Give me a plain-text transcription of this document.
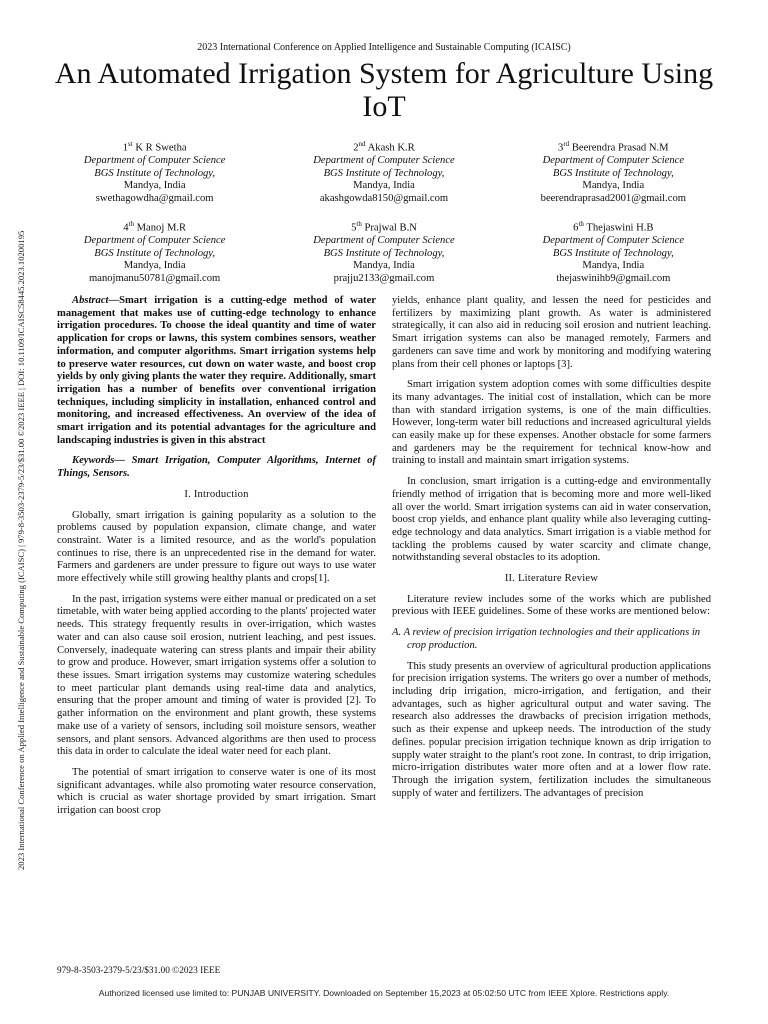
2023 International Conference on Applied Intelligence and Sustainable Computing (ICAISC) | 979-8-3503-2379-5/23/$31.00 ©2023 IEEE | DOI: 10.1109/ICAISC58445.2023.10200195
2023 International Conference on Applied Intelligence and Sustainable Computing (ICAISC)
An Automated Irrigation System for Agriculture Using IoT
1st K R Swetha
Department of Computer Science
BGS Institute of Technology,
Mandya, India
swethagowdha@gmail.com
2nd Akash K.R
Department of Computer Science
BGS Institute of Technology,
Mandya, India
akashgowda8150@gmail.com
3rd Beerendra Prasad N.M
Department of Computer Science
BGS Institute of Technology,
Mandya, India
beerendraprasad2001@gmail.com
4th Manoj M.R
Department of Computer Science
BGS Institute of Technology,
Mandya, India
manojmanu50781@gmail.com
5th Prajwal B.N
Department of Computer Science
BGS Institute of Technology,
Mandya, India
prajju2133@gmail.com
6th Thejaswini H.B
Department of Computer Science
BGS Institute of Technology,
Mandya, India
thejaswinihb9@gmail.com

Abstract—Smart irrigation is a cutting-edge method of water management that makes use of cutting-edge technology to enhance irrigation procedures. To choose the ideal quantity and time of water application for crops or lawns, this system combines sensors, weather information, and computer algorithms. Smart irrigation systems help to preserve water resources, cut down on water waste, and boost crop yields by only giving plants the water they require. Additionally, smart irrigation has a number of benefits over conventional irrigation techniques, including simplicity in installation, enhanced control and monitoring, and increased effectiveness. An overview of the idea of smart irrigation and its potential advantages for the agriculture and landscaping industries is given in this abstract

Keywords— Smart Irrigation, Computer Algorithms, Internet of Things, Sensors.

I. Introduction

Globally, smart irrigation is gaining popularity as a solution to the problems caused by population expansion, climate change, and water constraint. Water is a limited resource, and as the world's population continues to rise, there is an unprecedented rise in the demand for water. Farmers and gardeners are under pressure to figure out ways to use water more effectively while still growing healthy plants and crops[1].

In the past, irrigation systems were either manual or predicated on a set timetable, with water being applied according to the plants' projected water needs. This strategy frequently results in over-irrigation, which wastes water and can also cause soil erosion, nutrient leaching, and pest issues. Conversely, inadequate watering can stress plants and impair their ability to grow and produce. However, smart irrigation systems offer a solution to these issues. Smart irrigation systems may customize watering schedules to meet particular plant demands using real-time data and analytics, ensuring that the proper amount and timing of water is provided [2]. To gather information on the environment and plant growth, these systems make use of a variety of sensors, including soil moisture sensors, weather sensors, and plant sensors. Advanced algorithms are then used to process this data in order to calculate the ideal water need for each plant.

The potential of smart irrigation to conserve water is one of its most significant advantages. while also promoting water resource conservation, which is crucial as water shortage provided by smart irrigation. Smart irrigation can boost crop

yields, enhance plant quality, and lessen the need for pesticides and fertilizers by maximizing plant growth. As water is administered strategically, it can also aid in reducing soil erosion and nutrient leaching. Smart irrigation systems can also be managed remotely, Farmers and gardeners can save time and work by monitoring and modifying watering plans from their cell phones or laptops [3].

Smart irrigation system adoption comes with some difficulties despite its many advantages. The initial cost of installation, which can be more than with standard irrigation systems, is one of the main difficulties. However, long-term water bill reductions and increased agricultural yields can easily make up for these expenses. Another obstacle for some farmers and gardeners may be the requirement for technical know-how and training to install and maintain smart irrigation systems.

In conclusion, smart irrigation is a cutting-edge and environmentally friendly method of irrigation that is becoming more and more well-liked all over the world. Smart irrigation systems can aid in water conservation, boost crop yields, and enhance plant quality while also leveraging cutting-edge technology and data analytics. Smart irrigation is a viable method for tackling the problems caused by water scarcity and climate change, notwithstanding several obstacles to its adoption.

II. Literature Review

Literature review includes some of the works which are published previous with IEEE guidelines. Some of these works are mentioned below:

A. A review of precision irrigation technologies and their applications in crop production.

This study presents an overview of agricultural production applications for precision irrigation systems. The writers go over a number of methods, including drip irrigation, micro-irrigation, and fertigation, and their advantages, such as higher agricultural output and water saving. The research also addresses the drawbacks of precision irrigation methods, such as their expense and upkeep needs. The introduction of the study defines. popular precision irrigation technique known as drip irrigation to supply water straight to the plant's root zone. In contrast, to drip irrigation, micro-irrigation distributes water more often and at a lower flow rate. Through the irrigation system, fertilization includes the simultaneous supply of water and fertilizers. The advantages of precision

979-8-3503-2379-5/23/$31.00 ©2023 IEEE
Authorized licensed use limited to: PUNJAB UNIVERSITY. Downloaded on September 15,2023 at 05:02:50 UTC from IEEE Xplore. Restrictions apply.
